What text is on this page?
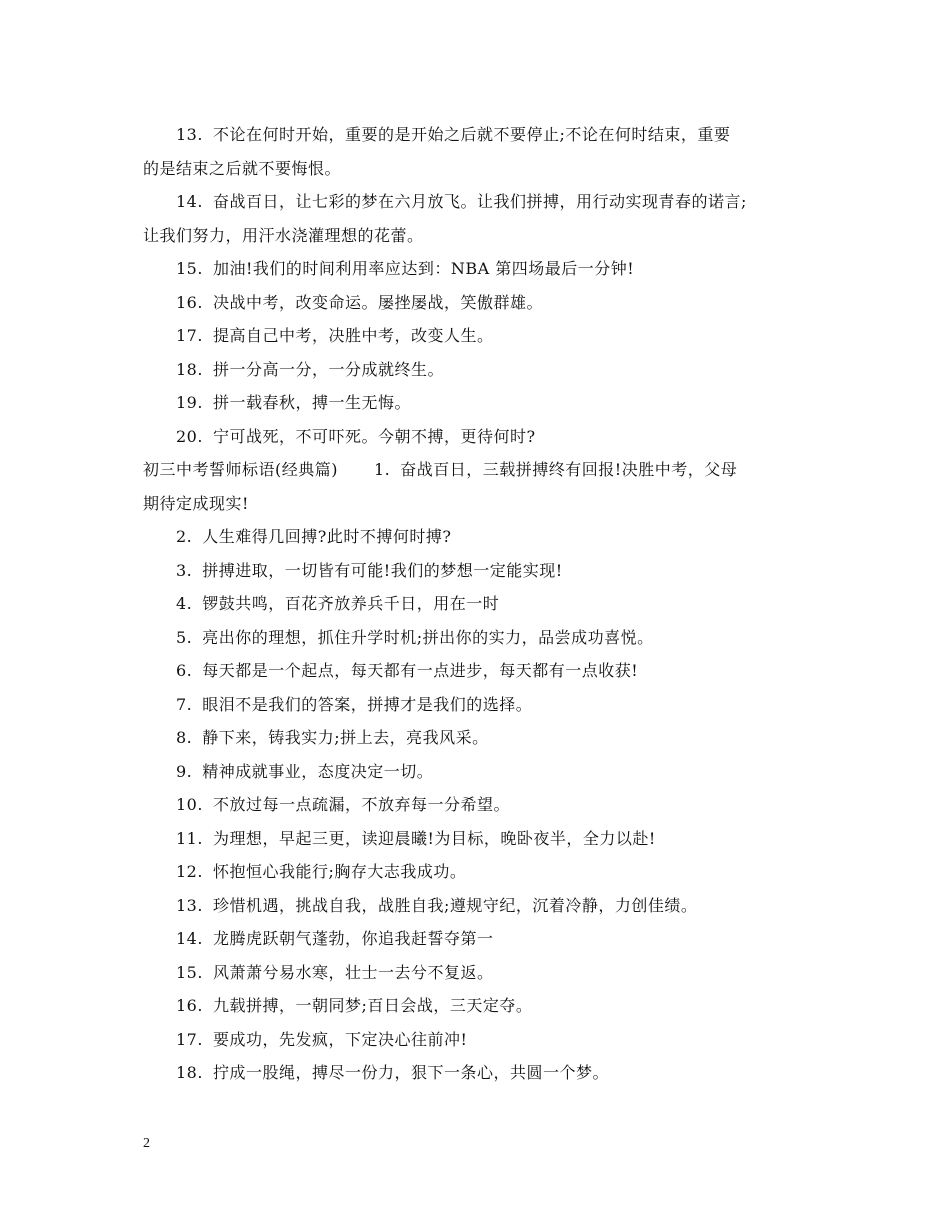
13. 不论在何时开始，重要的是开始之后就不要停止;不论在何时结束，重要
的是结束之后就不要悔恨。
14. 奋战百日，让七彩的梦在六月放飞。让我们拼搏，用行动实现青春的诺言;
让我们努力，用汗水浇灌理想的花蕾。
15. 加油!我们的时间利用率应达到：NBA 第四场最后一分钟!
16. 决战中考，改变命运。屡挫屡战，笑傲群雄。
17. 提高自己中考，决胜中考，改变人生。
18. 拼一分高一分，一分成就终生。
19. 拼一载春秋，搏一生无悔。
20. 宁可战死，不可吓死。今朝不搏，更待何时?
初三中考誓师标语(经典篇) 1. 奋战百日，三载拼搏终有回报!决胜中考，父母
期待定成现实!
2. 人生难得几回搏?此时不搏何时搏?
3. 拼搏进取，一切皆有可能!我们的梦想一定能实现!
4. 锣鼓共鸣，百花齐放养兵千日，用在一时
5. 亮出你的理想，抓住升学时机;拼出你的实力，品尝成功喜悦。
6. 每天都是一个起点，每天都有一点进步，每天都有一点收获!
7. 眼泪不是我们的答案，拼搏才是我们的选择。
8. 静下来，铸我实力;拼上去，亮我风采。
9. 精神成就事业，态度决定一切。
10. 不放过每一点疏漏，不放弃每一分希望。
11. 为理想，早起三更，读迎晨曦!为目标，晚卧夜半，全力以赴!
12. 怀抱恒心我能行;胸存大志我成功。
13. 珍惜机遇，挑战自我，战胜自我;遵规守纪，沉着冷静，力创佳绩。
14. 龙腾虎跃朝气蓬勃，你追我赶誓夺第一
15. 风萧萧兮易水寒，壮士一去兮不复返。
16. 九载拼搏，一朝同梦;百日会战，三天定夺。
17. 要成功，先发疯，下定决心往前冲!
18. 拧成一股绳，搏尽一份力，狠下一条心，共圆一个梦。
2
